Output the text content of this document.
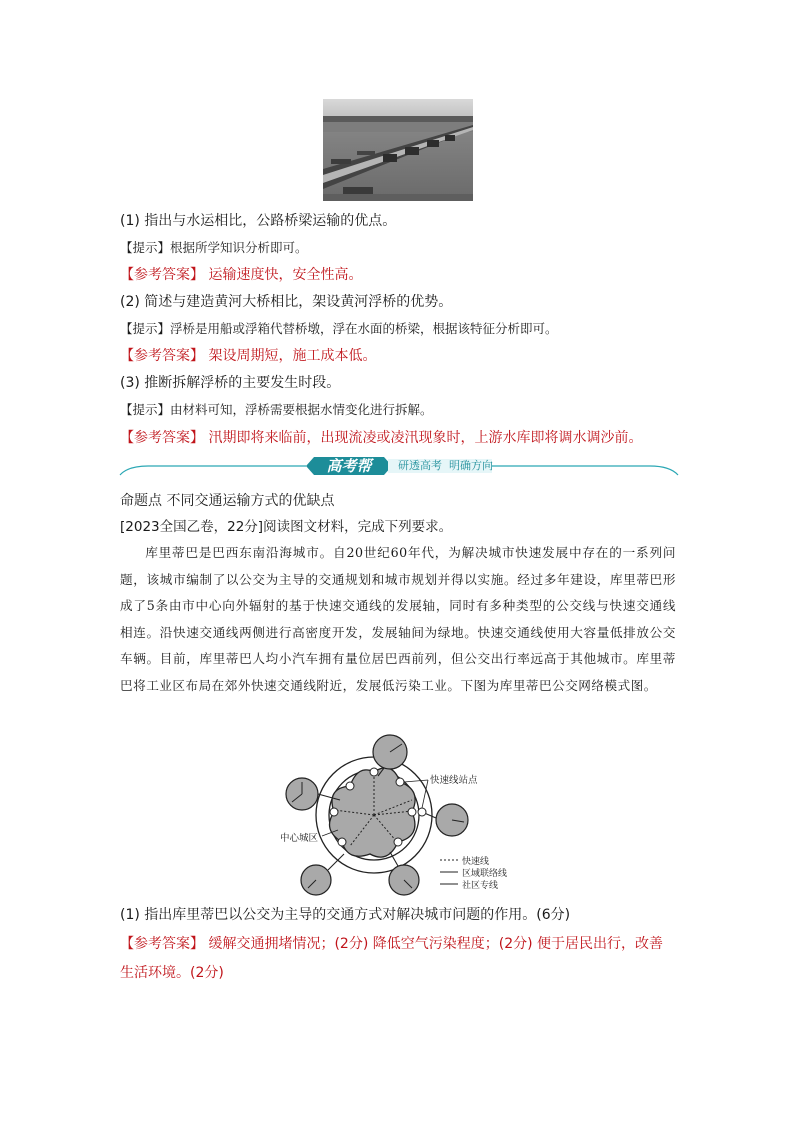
(1) 指出与水运相比，公路桥梁运输的优点。
【提示】根据所学知识分析即可。
【参考答案】 运输速度快，安全性高。
(2) 简述与建造黄河大桥相比，架设黄河浮桥的优势。
【提示】浮桥是用船或浮箱代替桥墩，浮在水面的桥梁，根据该特征分析即可。
【参考答案】 架设周期短，施工成本低。
(3) 推断拆解浮桥的主要发生时段。
【提示】由材料可知，浮桥需要根据水情变化进行拆解。
【参考答案】 汛期即将来临前，出现流凌或凌汛现象时，上游水库即将调水调沙前。
高考帮	研透高考  明确方向
命题点 不同交通运输方式的优缺点
[2023全国乙卷，22分]阅读图文材料，完成下列要求。

库里蒂巴是巴西东南沿海城市。自20世纪60年代，为解决城市快速发展中存在的一系列问题，该城市编制了以公交为主导的交通规划和城市规划并得以实施。经过多年建设，库里蒂巴形成了5条由市中心向外辐射的基于快速交通线的发展轴，同时有多种类型的公交线与快速交通线相连。沿快速交通线两侧进行高密度开发，发展轴间为绿地。快速交通线使用大容量低排放公交车辆。目前，库里蒂巴人均小汽车拥有量位居巴西前列，但公交出行率远高于其他城市。库里蒂巴将工业区布局在郊外快速交通线附近，发展低污染工业。下图为库里蒂巴公交网络模式图。

快速线站点
中心城区
快速线
区域联络线
社区专线
(1) 指出库里蒂巴以公交为主导的交通方式对解决城市问题的作用。(6分)
【参考答案】 缓解交通拥堵情况；(2分) 降低空气污染程度；(2分) 便于居民出行，改善生活环境。(2分)
